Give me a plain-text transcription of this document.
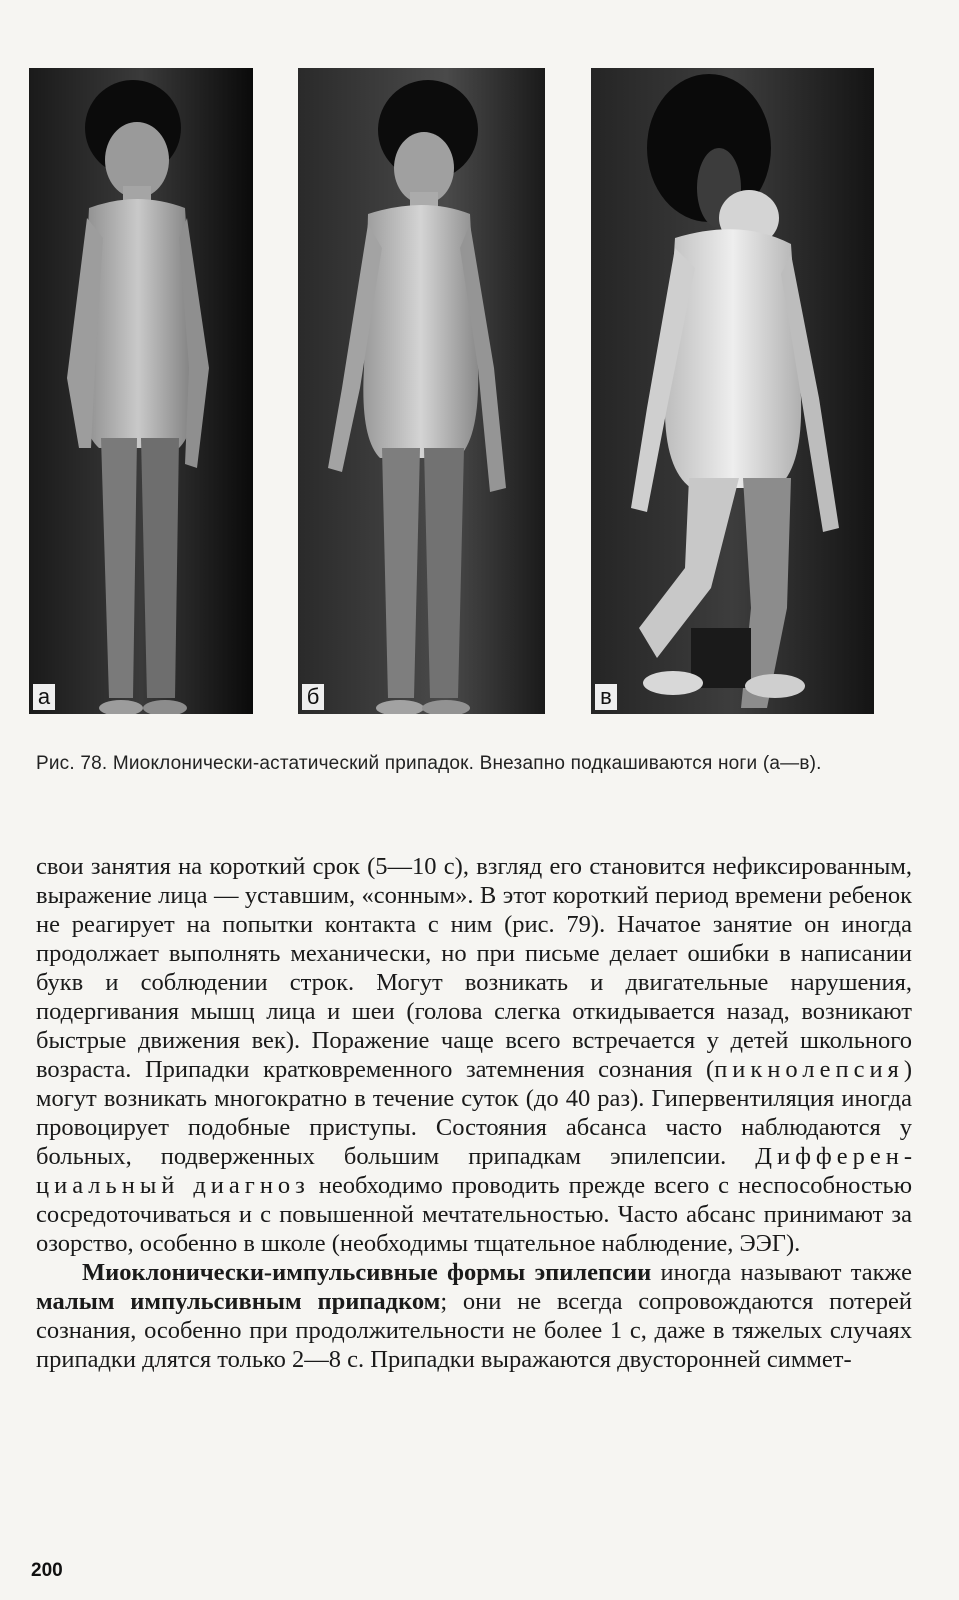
а	б	в
Рис. 78. Миоклонически-астатический припадок. Внезапно подкашиваются ноги (а—в).

свои занятия на короткий срок (5—10 с), взгляд его становится нефиксированным, выражение лица — уставшим, «сонным». В этот короткий период времени ребенок не реагирует на попытки контакта с ним (рис. 79). Начатое занятие он иногда продолжает выполнять механически, но при письме делает ошибки в написании букв и соблюдении строк. Могут возникать и двигательные нарушения, подергивания мышц лица и шеи (голова слегка откидывается назад, возникают быстрые движения век). Поражение чаще всего встречается у детей школьного возраста. Припадки кратковременного затемнения сознания (пикнолепсия) могут возникать многократно в течение суток (до 40 раз). Гипервентиляция иногда провоцирует подобные приступы. Состояния абсанса часто наблюдаются у больных, подверженных большим припадкам эпилепсии. Дифференциальный диагноз необходимо проводить прежде всего с неспособностью сосредоточиваться и с повышенной мечтательностью. Часто абсанс принимают за озорство, особенно в школе (необходимы тщательное наблюдение, ЭЭГ).

Миоклонически-импульсивные формы эпилепсии иногда называют также малым импульсивным припадком; они не всегда сопровождаются потерей сознания, особенно при продолжительности не более 1 с, даже в тяжелых случаях припадки длятся только 2—8 с. Припадки выражаются двусторонней симмет-

200
